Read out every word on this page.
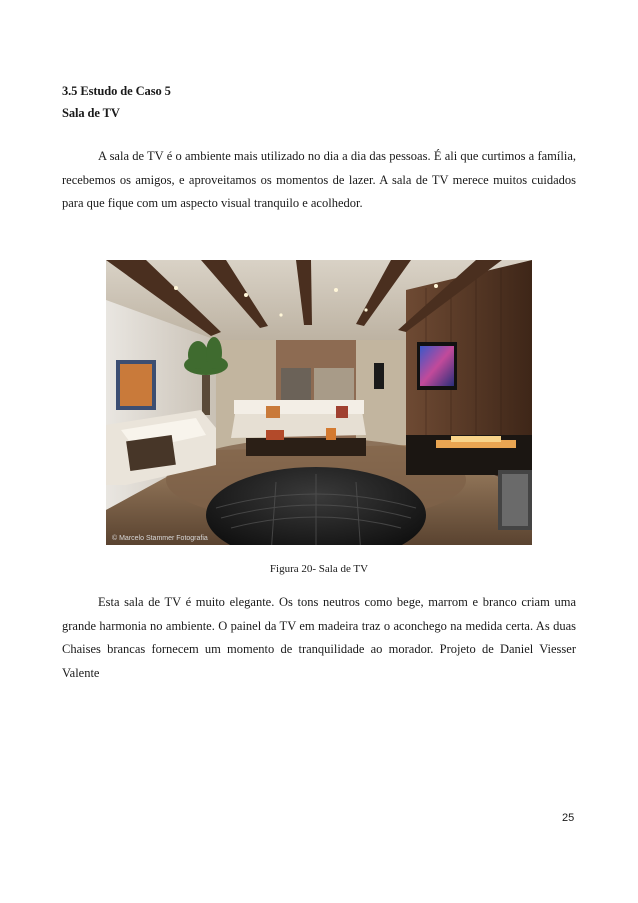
3.5 Estudo de Caso 5
Sala de TV

A sala de TV é o ambiente mais utilizado no dia a dia das pessoas. É ali que curtimos a família, recebemos os amigos, e aproveitamos os momentos de lazer. A sala de TV merece muitos cuidados para que fique com um aspecto visual tranquilo e acolhedor.

© Marcelo Stammer Fotografia
Figura 20- Sala de TV

Esta sala de TV é muito elegante. Os tons neutros como bege, marrom e branco criam uma grande harmonia no ambiente. O painel da TV em madeira traz o aconchego na medida certa. As duas Chaises brancas fornecem um momento de tranquilidade ao morador. Projeto de Daniel Viesser Valente

25
